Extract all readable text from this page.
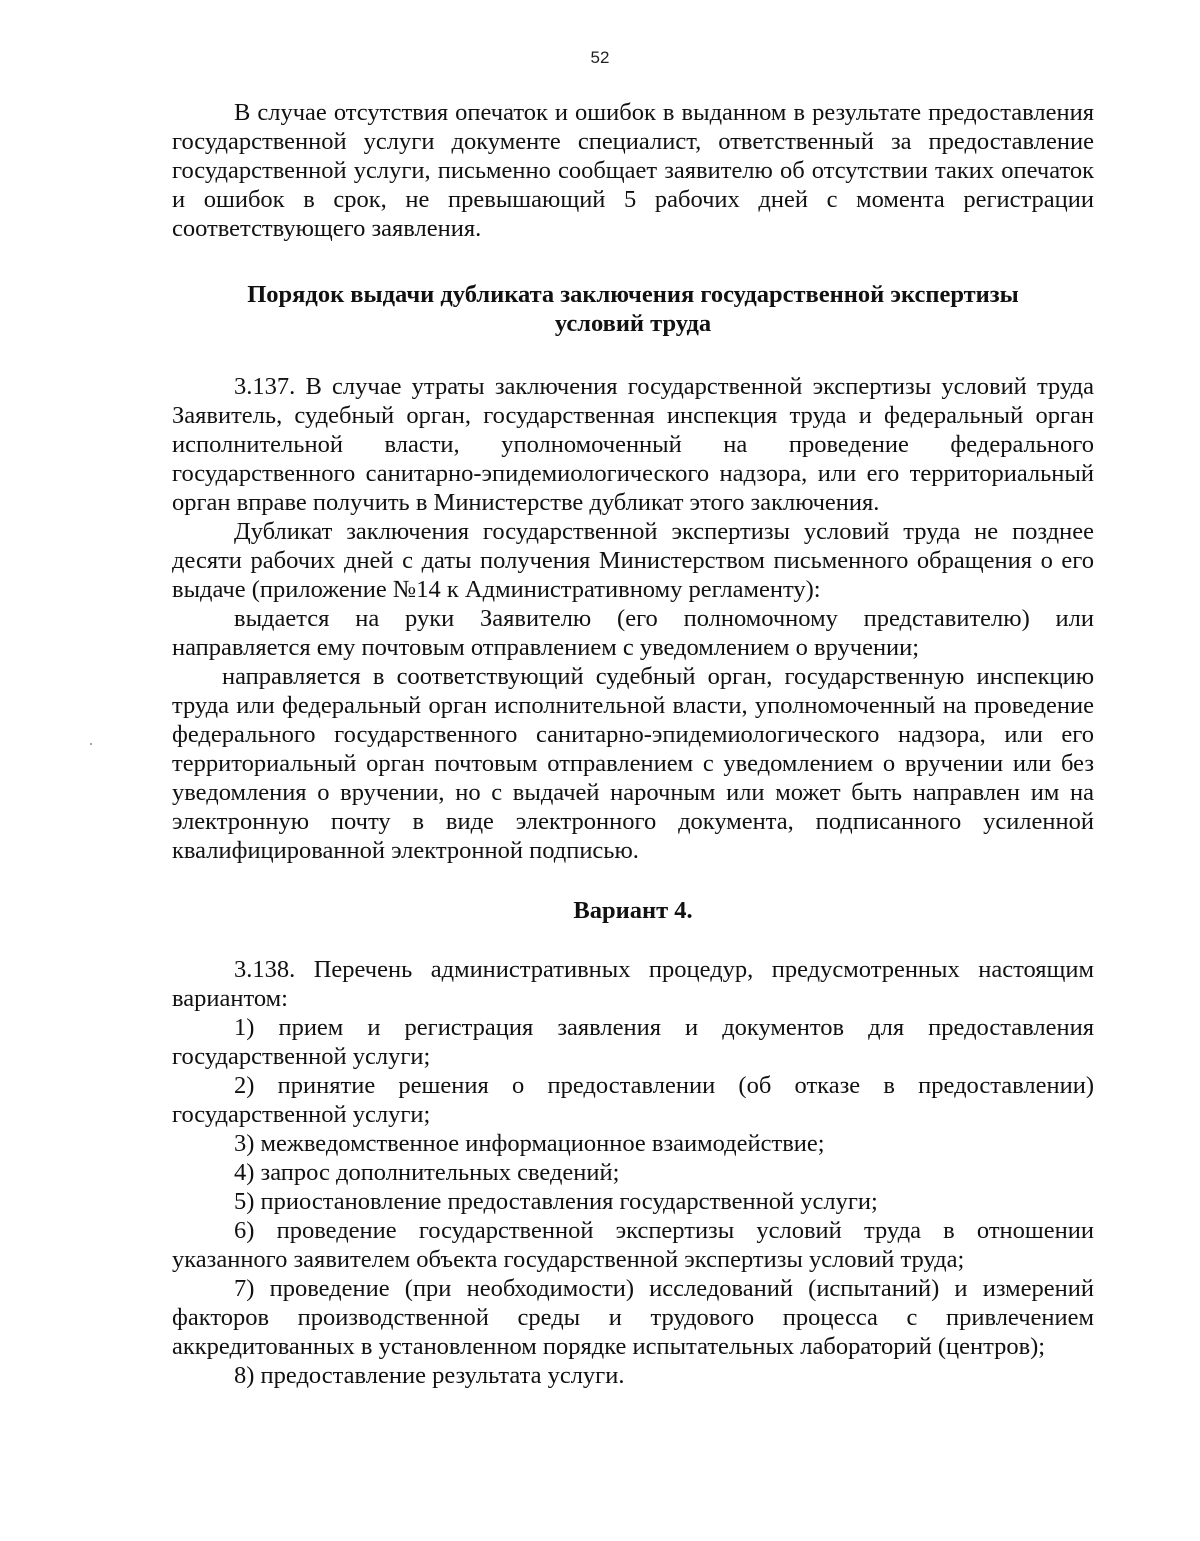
52

В случае отсутствия опечаток и ошибок в выданном в результате предоставления государственной услуги документе специалист, ответственный за предоставление государственной услуги, письменно сообщает заявителю об отсутствии таких опечаток и ошибок в срок, не превышающий 5 рабочих дней с момента регистрации соответствующего заявления.

Порядок выдачи дубликата заключения государственной экспертизы
условий труда

3.137. В случае утраты заключения государственной экспертизы условий труда Заявитель, судебный орган, государственная инспекция труда и федеральный орган исполнительной власти, уполномоченный на проведение федерального государственного санитарно-эпидемиологического надзора, или его территориальный орган вправе получить в Министерстве дубликат этого заключения.

Дубликат заключения государственной экспертизы условий труда не позднее десяти рабочих дней с даты получения Министерством письменного обращения о его выдаче (приложение №14 к Административному регламенту):

выдается на руки Заявителю (его полномочному представителю) или направляется ему почтовым отправлением с уведомлением о вручении;

направляется в соответствующий судебный орган, государственную инспекцию труда или федеральный орган исполнительной власти, уполномоченный на проведение федерального государственного санитарно-эпидемиологического надзора, или его территориальный орган почтовым отправлением с уведомлением о вручении или без уведомления о вручении, но с выдачей нарочным или может быть направлен им на электронную почту в виде электронного документа, подписанного усиленной квалифицированной электронной подписью.

Вариант 4.

3.138. Перечень административных процедур, предусмотренных настоящим вариантом:

1) прием и регистрация заявления и документов для предоставления государственной услуги;

2) принятие решения о предоставлении (об отказе в предоставлении) государственной услуги;

3) межведомственное информационное взаимодействие;

4) запрос дополнительных сведений;

5) приостановление предоставления государственной услуги;

6) проведение государственной экспертизы условий труда в отношении указанного заявителем объекта государственной экспертизы условий труда;

7) проведение (при необходимости) исследований (испытаний) и измерений факторов производственной среды и трудового процесса с привлечением аккредитованных в установленном порядке испытательных лабораторий (центров);

8) предоставление результата услуги.
